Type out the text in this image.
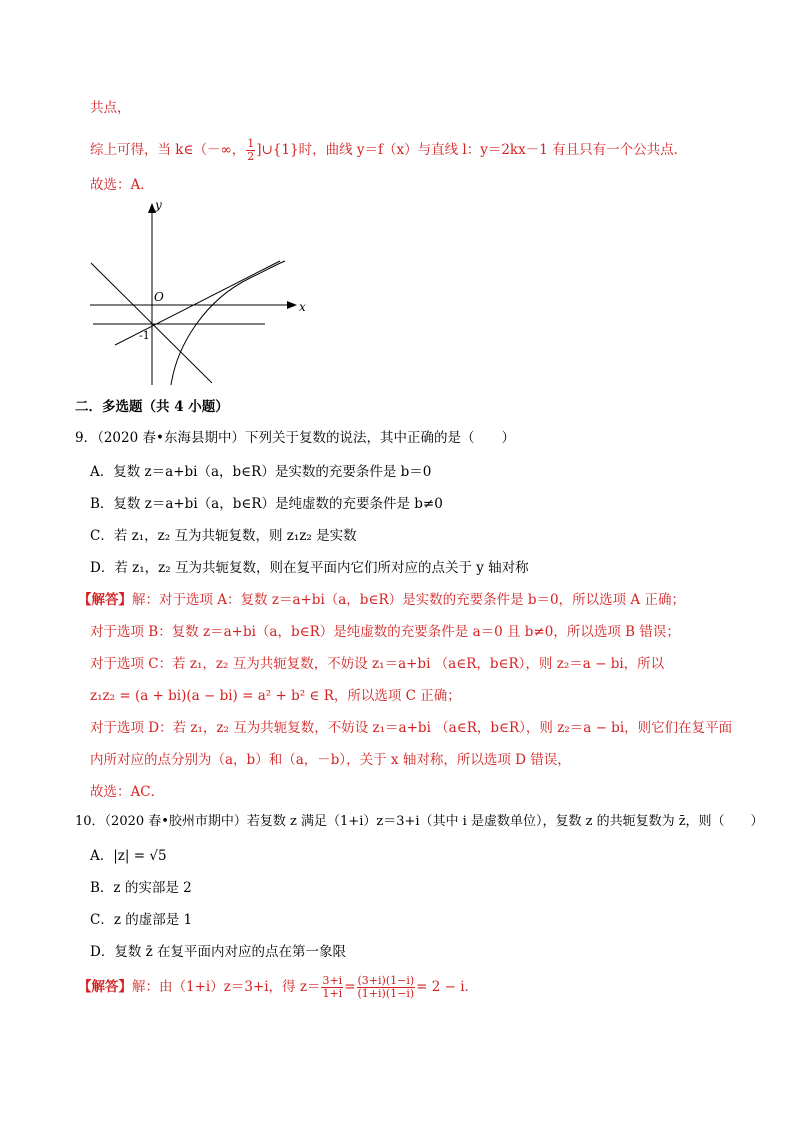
共点，
综上可得，当 k∈（－∞， $\frac{1}{2}$ ]∪{1}时，曲线 y＝f（x）与直线 l：y＝2kx－1 有且只有一个公共点．
故选：A．
y
x
O
-1
二．多选题（共 4 小题）
9．（2020 春•东海县期中）下列关于复数的说法，其中正确的是（　　）
A．复数 z＝a+bi（a，b∈R）是实数的充要条件是 b＝0
B．复数 z＝a+bi（a，b∈R）是纯虚数的充要条件是 b≠0
C．若 z₁，z₂ 互为共轭复数，则 z₁z₂ 是实数
D．若 z₁，z₂ 互为共轭复数，则在复平面内它们所对应的点关于 y 轴对称
【解答】解：对于选项 A：复数 z＝a+bi（a，b∈R）是实数的充要条件是 b＝0，所以选项 A 正确；
对于选项 B：复数 z＝a+bi（a，b∈R）是纯虚数的充要条件是 a＝0 且 b≠0，所以选项 B 错误；
对于选项 C：若 z₁，z₂ 互为共轭复数，不妨设 z₁＝a+bi （a∈R，b∈R），则 z₂＝a − bi，所以
z₁z₂ = (a + bi)(a − bi) = a² + b² ∈ R，所以选项 C 正确；
对于选项 D：若 z₁，z₂ 互为共轭复数，不妨设 z₁＝a+bi （a∈R，b∈R），则 z₂＝a − bi，则它们在复平面
内所对应的点分别为（a，b）和（a，－b），关于 x 轴对称，所以选项 D 错误，
故选：AC．
10．（2020 春•胶州市期中）若复数 z 满足（1+i）z＝3+i（其中 i 是虚数单位），复数 z 的共轭复数为 z̄，则（　　）
A．|z| = √5
B．z 的实部是 2
C．z 的虚部是 1
D．复数 z̄ 在复平面内对应的点在第一象限
【解答】解：由（1+i）z＝3+i，得 $z= \frac{3+i}{1+i} = \frac{(3+i)(1-i)}{(1+i)(1-i)} = 2 - i$．
